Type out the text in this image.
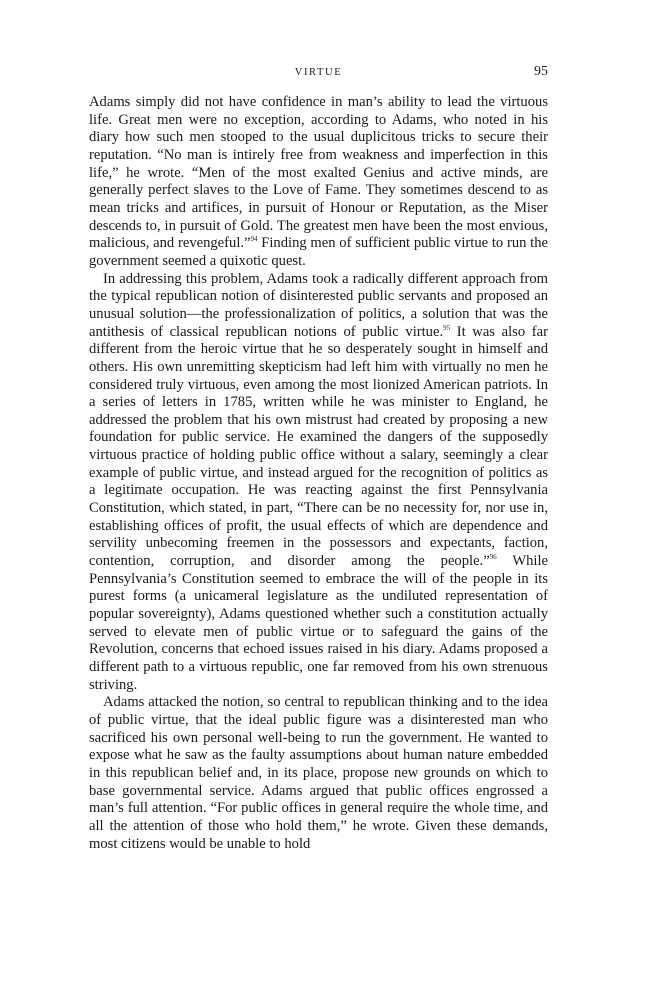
VIRTUE	95

Adams simply did not have confidence in man’s ability to lead the virtuous life. Great men were no exception, according to Adams, who noted in his diary how such men stooped to the usual duplicitous tricks to secure their reputation. “No man is intirely free from weakness and imperfection in this life,” he wrote. “Men of the most exalted Genius and active minds, are generally perfect slaves to the Love of Fame. They sometimes descend to as mean tricks and artifices, in pursuit of Honour or Reputation, as the Miser descends to, in pursuit of Gold. The greatest men have been the most envious, malicious, and revengeful.”$^{94}$ Finding men of sufficient public virtue to run the government seemed a quixotic quest.

In addressing this problem, Adams took a radically different approach from the typical republican notion of disinterested public servants and proposed an unusual solution—the professionalization of politics, a solution that was the antithesis of classical republican notions of public virtue.$^{95}$ It was also far different from the heroic virtue that he so desperately sought in himself and others. His own unremitting skepticism had left him with virtually no men he considered truly virtuous, even among the most lionized American patriots. In a series of letters in 1785, written while he was minister to England, he addressed the problem that his own mistrust had created by proposing a new foundation for public service. He examined the dangers of the supposedly virtuous practice of holding public office without a salary, seemingly a clear example of public virtue, and instead argued for the recognition of politics as a legitimate occupation. He was reacting against the first Pennsylvania Constitution, which stated, in part, “There can be no necessity for, nor use in, establishing offices of profit, the usual effects of which are dependence and servility unbecoming freemen in the possessors and expectants, faction, contention, corruption, and disorder among the people.”$^{96}$ While Pennsylvania’s Constitution seemed to embrace the will of the people in its purest forms (a unicameral legislature as the undiluted representation of popular sovereignty), Adams questioned whether such a constitution actually served to elevate men of public virtue or to safeguard the gains of the Revolution, concerns that echoed issues raised in his diary. Adams proposed a different path to a virtuous republic, one far removed from his own strenuous striving.

Adams attacked the notion, so central to republican thinking and to the idea of public virtue, that the ideal public figure was a disinterested man who sacrificed his own personal well-being to run the government. He wanted to expose what he saw as the faulty assumptions about human nature embedded in this republican belief and, in its place, propose new grounds on which to base governmental service. Adams argued that public offices engrossed a man’s full attention. “For public offices in general require the whole time, and all the attention of those who hold them,” he wrote. Given these demands, most citizens would be unable to hold
